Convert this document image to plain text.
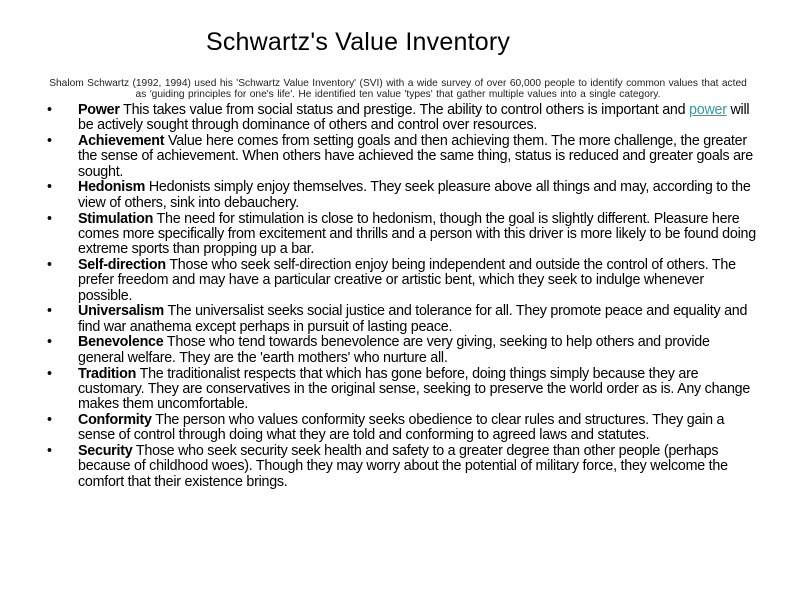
Schwartz's Value Inventory

Shalom Schwartz (1992, 1994) used his 'Schwartz Value Inventory' (SVI) with a wide survey of over 60,000 people to identify common values that acted as 'guiding principles for one's life'. He identified ten value 'types' that gather multiple values into a single category.

• Power This takes value from social status and prestige. The ability to control others is important and power will be actively sought through dominance of others and control over resources.
• Achievement Value here comes from setting goals and then achieving them. The more challenge, the greater the sense of achievement. When others have achieved the same thing, status is reduced and greater goals are sought.
• Hedonism Hedonists simply enjoy themselves. They seek pleasure above all things and may, according to the view of others, sink into debauchery.
• Stimulation The need for stimulation is close to hedonism, though the goal is slightly different. Pleasure here comes more specifically from excitement and thrills and a person with this driver is more likely to be found doing extreme sports than propping up a bar.
• Self-direction Those who seek self-direction enjoy being independent and outside the control of others. The prefer freedom and may have a particular creative or artistic bent, which they seek to indulge whenever possible.
• Universalism The universalist seeks social justice and tolerance for all. They promote peace and equality and find war anathema except perhaps in pursuit of lasting peace.
• Benevolence Those who tend towards benevolence are very giving, seeking to help others and provide general welfare. They are the 'earth mothers' who nurture all.
• Tradition The traditionalist respects that which has gone before, doing things simply because they are customary. They are conservatives in the original sense, seeking to preserve the world order as is. Any change makes them uncomfortable.
• Conformity The person who values conformity seeks obedience to clear rules and structures. They gain a sense of control through doing what they are told and conforming to agreed laws and statutes.
• Security Those who seek security seek health and safety to a greater degree than other people (perhaps because of childhood woes). Though they may worry about the potential of military force, they welcome the comfort that their existence brings.
